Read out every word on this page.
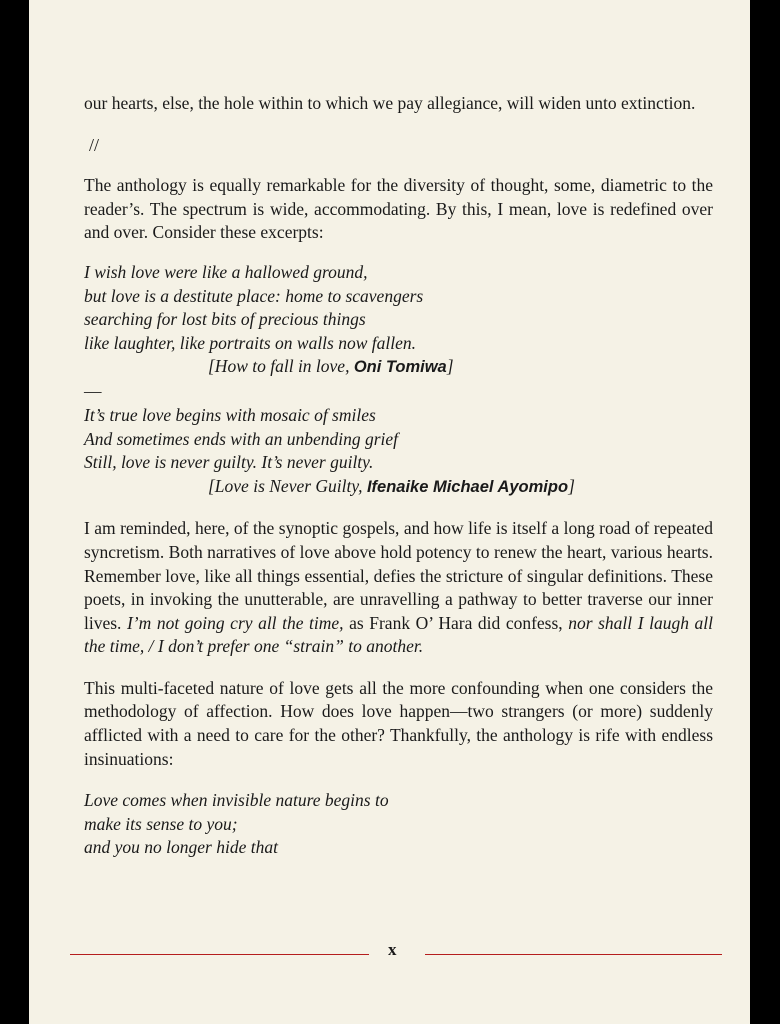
our hearts, else, the hole within to which we pay allegiance, will widen unto extinction.

//

The anthology is equally remarkable for the diversity of thought, some, diametric to the reader’s. The spectrum is wide, accommodating. By this, I mean, love is redefined over and over. Consider these excerpts:

I wish love were like a hallowed ground,
but love is a destitute place: home to scavengers
searching for lost bits of precious things
like laughter, like portraits on walls now fallen.
[How to fall in love, Oni Tomiwa]
—
It’s true love begins with mosaic of smiles
And sometimes ends with an unbending grief
Still, love is never guilty. It’s never guilty.
[Love is Never Guilty, Ifenaike Michael Ayomipo]

I am reminded, here, of the synoptic gospels, and how life is itself a long road of repeated syncretism. Both narratives of love above hold potency to renew the heart, various hearts. Remember love, like all things essential, defies the stricture of singular definitions. These poets, in invoking the unutterable, are unravelling a pathway to better traverse our inner lives. I’m not going cry all the time, as Frank O’ Hara did confess, nor shall I laugh all the time, / I don’t prefer one “strain” to another.

This multi-faceted nature of love gets all the more confounding when one considers the methodology of affection. How does love happen—two strangers (or more) suddenly afflicted with a need to care for the other? Thankfully, the anthology is rife with endless insinuations:

Love comes when invisible nature begins to
make its sense to you;
and you no longer hide that
x
